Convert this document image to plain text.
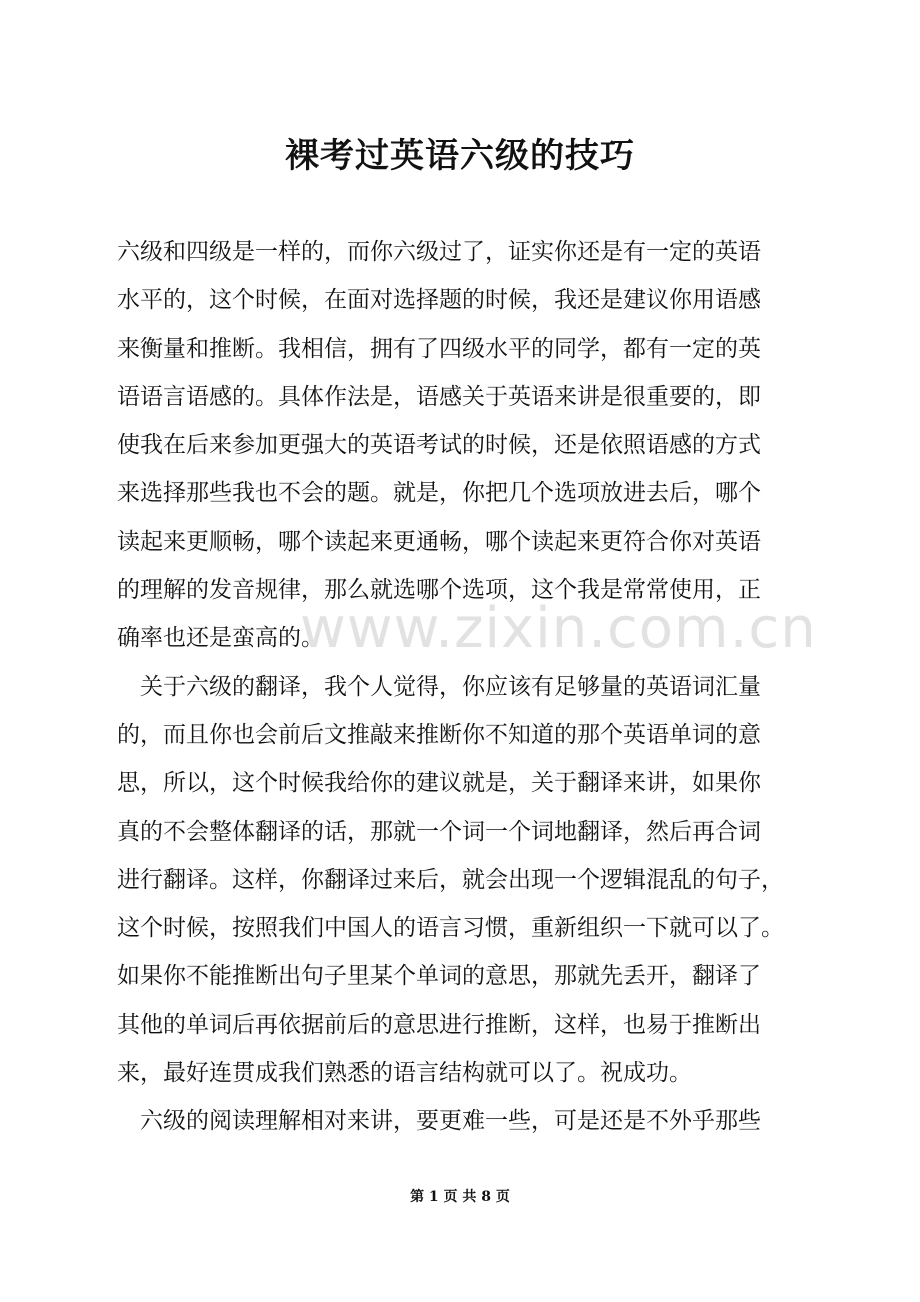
裸考过英语六级的技巧
六级和四级是一样的，而你六级过了，证实你还是有一定的英语
水平的，这个时候，在面对选择题的时候，我还是建议你用语感
来衡量和推断。我相信，拥有了四级水平的同学，都有一定的英
语语言语感的。具体作法是，语感关于英语来讲是很重要的，即
使我在后来参加更强大的英语考试的时候，还是依照语感的方式
来选择那些我也不会的题。就是，你把几个选项放进去后，哪个
读起来更顺畅，哪个读起来更通畅，哪个读起来更符合你对英语
的理解的发音规律，那么就选哪个选项，这个我是常常使用，正
确率也还是蛮高的。
关于六级的翻译，我个人觉得，你应该有足够量的英语词汇量
的，而且你也会前后文推敲来推断你不知道的那个英语单词的意
思，所以，这个时候我给你的建议就是，关于翻译来讲，如果你
真的不会整体翻译的话，那就一个词一个词地翻译，然后再合词
进行翻译。这样，你翻译过来后，就会出现一个逻辑混乱的句子，
这个时候，按照我们中国人的语言习惯，重新组织一下就可以了。
如果你不能推断出句子里某个单词的意思，那就先丢开，翻译了
其他的单词后再依据前后的意思进行推断，这样，也易于推断出
来，最好连贯成我们熟悉的语言结构就可以了。祝成功。
六级的阅读理解相对来讲，要更难一些，可是还是不外乎那些
www.zixin.com.cn
第 1 页 共 8 页
